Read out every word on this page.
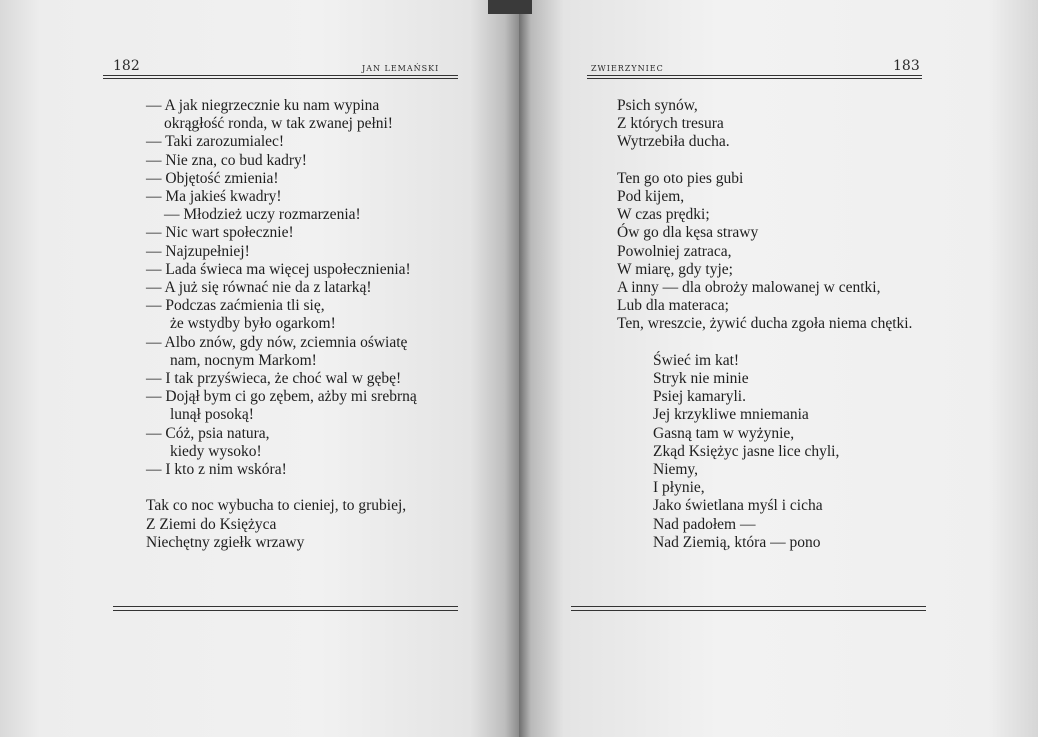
182	JAN LEMAŃSKI
— A jak niegrzecznie ku nam wypina
okrągłość ronda, w tak zwanej pełni!
— Taki zarozumialec!
— Nie zna, co bud kadry!
— Objętość zmienia!
— Ma jakieś kwadry!
— Młodzież uczy rozmarzenia!
— Nic wart społecznie!
— Najzupełniej!
— Lada świeca ma więcej uspołecznienia!
— A już się równać nie da z latarką!
— Podczas zaćmienia tli się,
że wstydby było ogarkom!
— Albo znów, gdy nów, zciemnia oświatę
nam, nocnym Markom!
— I tak przyświeca, że choć wal w gębę!
— Dojął bym ci go zębem, ażby mi srebrną
lunął posoką!
— Cóż, psia natura,
kiedy wysoko!
— I kto z nim wskóra!

Tak co noc wybucha to cieniej, to grubiej,
Z Ziemi do Księżyca
Niechętny zgiełk wrzawy
ZWIERZYNIEC	183
Psich synów,
Z których tresura
Wytrzebiła ducha.

Ten go oto pies gubi
Pod kijem,
W czas prędki;
Ów go dla kęsa strawy
Powolniej zatraca,
W miarę, gdy tyje;
A inny — dla obroży malowanej w centki,
Lub dla materaca;
Ten, wreszcie, żywić ducha zgoła niema chętki.

Świeć im kat!
Stryk nie minie
Psiej kamaryli.
Jej krzykliwe mniemania
Gasną tam w wyżynie,
Zkąd Księżyc jasne lice chyli,
Niemy,
I płynie,
Jako świetlana myśl i cicha
Nad padołem —
Nad Ziemią, która — pono
